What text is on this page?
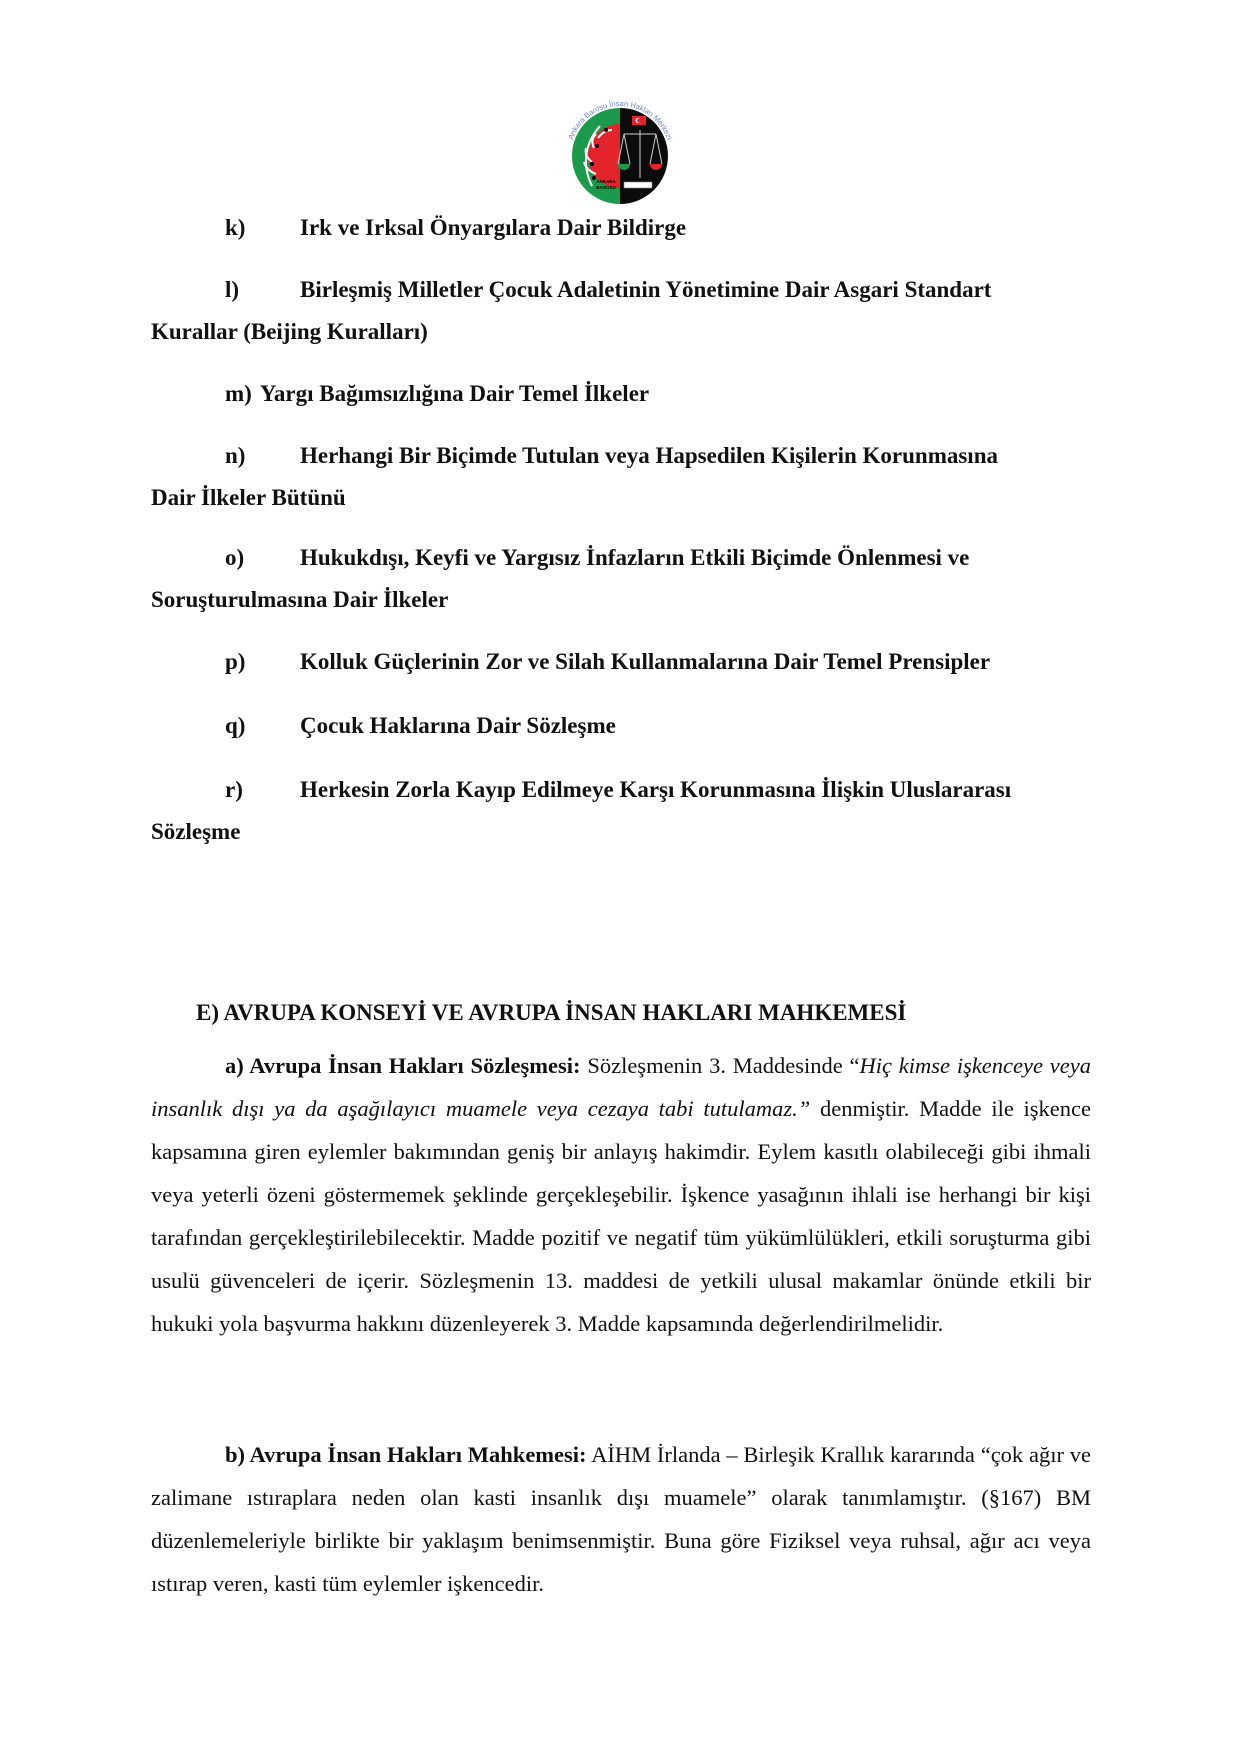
ANKARA
BAROSU
Ankara Barosu İnsan Hakları Merkezi
k) Irk ve Irksal Önyargılara Dair Bildirge
l)	Birleşmiş Milletler Çocuk Adaletinin Yönetimine Dair Asgari Standart
Kurallar (Beijing Kuralları)
m) Yargı Bağımsızlığına Dair Temel İlkeler
n) Herhangi Bir Biçimde Tutulan veya Hapsedilen Kişilerin Korunmasına
Dair İlkeler Bütünü
o) Hukukdışı, Keyfi ve Yargısız İnfazların Etkili Biçimde Önlenmesi ve
Soruşturulmasına Dair İlkeler
p) Kolluk Güçlerinin Zor ve Silah Kullanmalarına Dair Temel Prensipler
q) Çocuk Haklarına Dair Sözleşme
r) Herkesin Zorla Kayıp Edilmeye Karşı Korunmasına İlişkin Uluslararası
Sözleşme
E) AVRUPA KONSEYİ VE AVRUPA İNSAN HAKLARI MAHKEMESİ
a) Avrupa İnsan Hakları Sözleşmesi: Sözleşmenin 3. Maddesinde “Hiç kimse işkenceye veya insanlık dışı ya da aşağılayıcı muamele veya cezaya tabi tutulamaz.” denmiştir. Madde ile işkence kapsamına giren eylemler bakımından geniş bir anlayış hakimdir. Eylem kasıtlı olabileceği gibi ihmali veya yeterli özeni göstermemek şeklinde gerçekleşebilir. İşkence yasağının ihlali ise herhangi bir kişi tarafından gerçekleştirilebilecektir. Madde pozitif ve negatif tüm yükümlülükleri, etkili soruşturma gibi usulü güvenceleri de içerir. Sözleşmenin 13. maddesi de yetkili ulusal makamlar önünde etkili bir hukuki yola başvurma hakkını düzenleyerek 3. Madde kapsamında değerlendirilmelidir.
b) Avrupa İnsan Hakları Mahkemesi: AİHM İrlanda – Birleşik Krallık kararında “çok ağır ve zalimane ıstıraplara neden olan kasti insanlık dışı muamele” olarak tanımlamıştır. (§167) BM düzenlemeleriyle birlikte bir yaklaşım benimsenmiştir. Buna göre Fiziksel veya ruhsal, ağır acı veya ıstırap veren, kasti tüm eylemler işkencedir.
